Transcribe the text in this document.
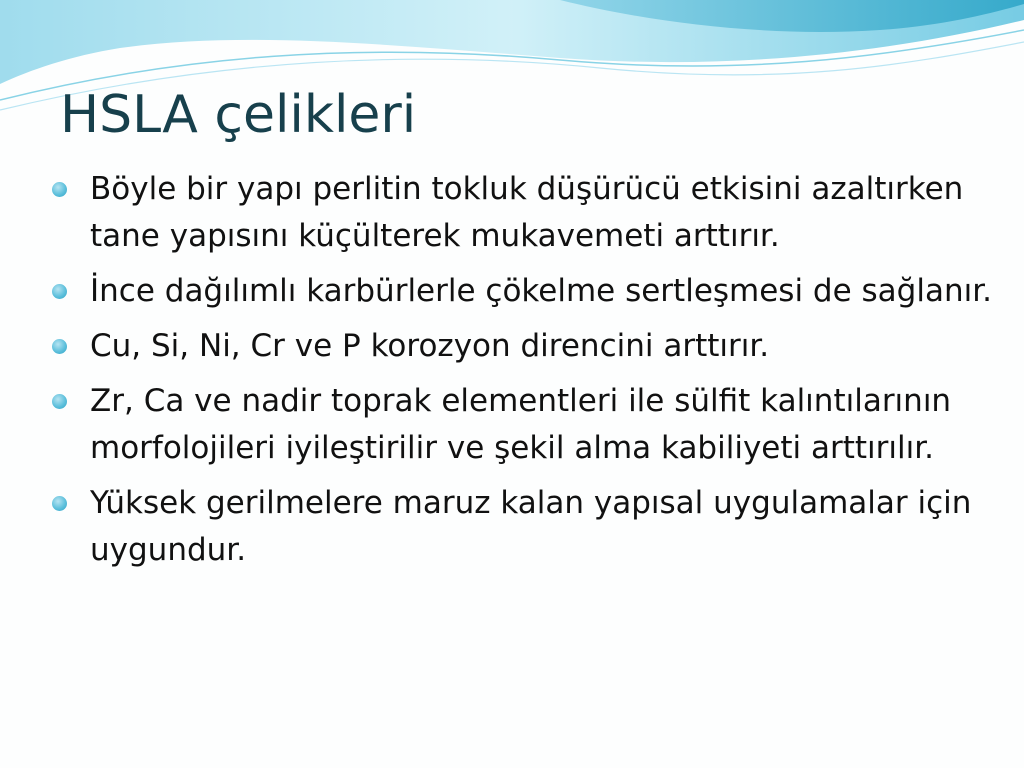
HSLA çelikleri
Böyle bir yapı perlitin tokluk düşürücü etkisini azaltırken tane yapısını küçülterek mukavemeti arttırır.
İnce dağılımlı karbürlerle çökelme sertleşmesi de sağlanır.
Cu, Si, Ni, Cr ve P korozyon direncini arttırır.
Zr, Ca ve nadir toprak elementleri ile sülfit kalıntılarının morfolojileri iyileştirilir ve şekil alma kabiliyeti arttırılır.
Yüksek gerilmelere maruz kalan yapısal uygulamalar için uygundur.
